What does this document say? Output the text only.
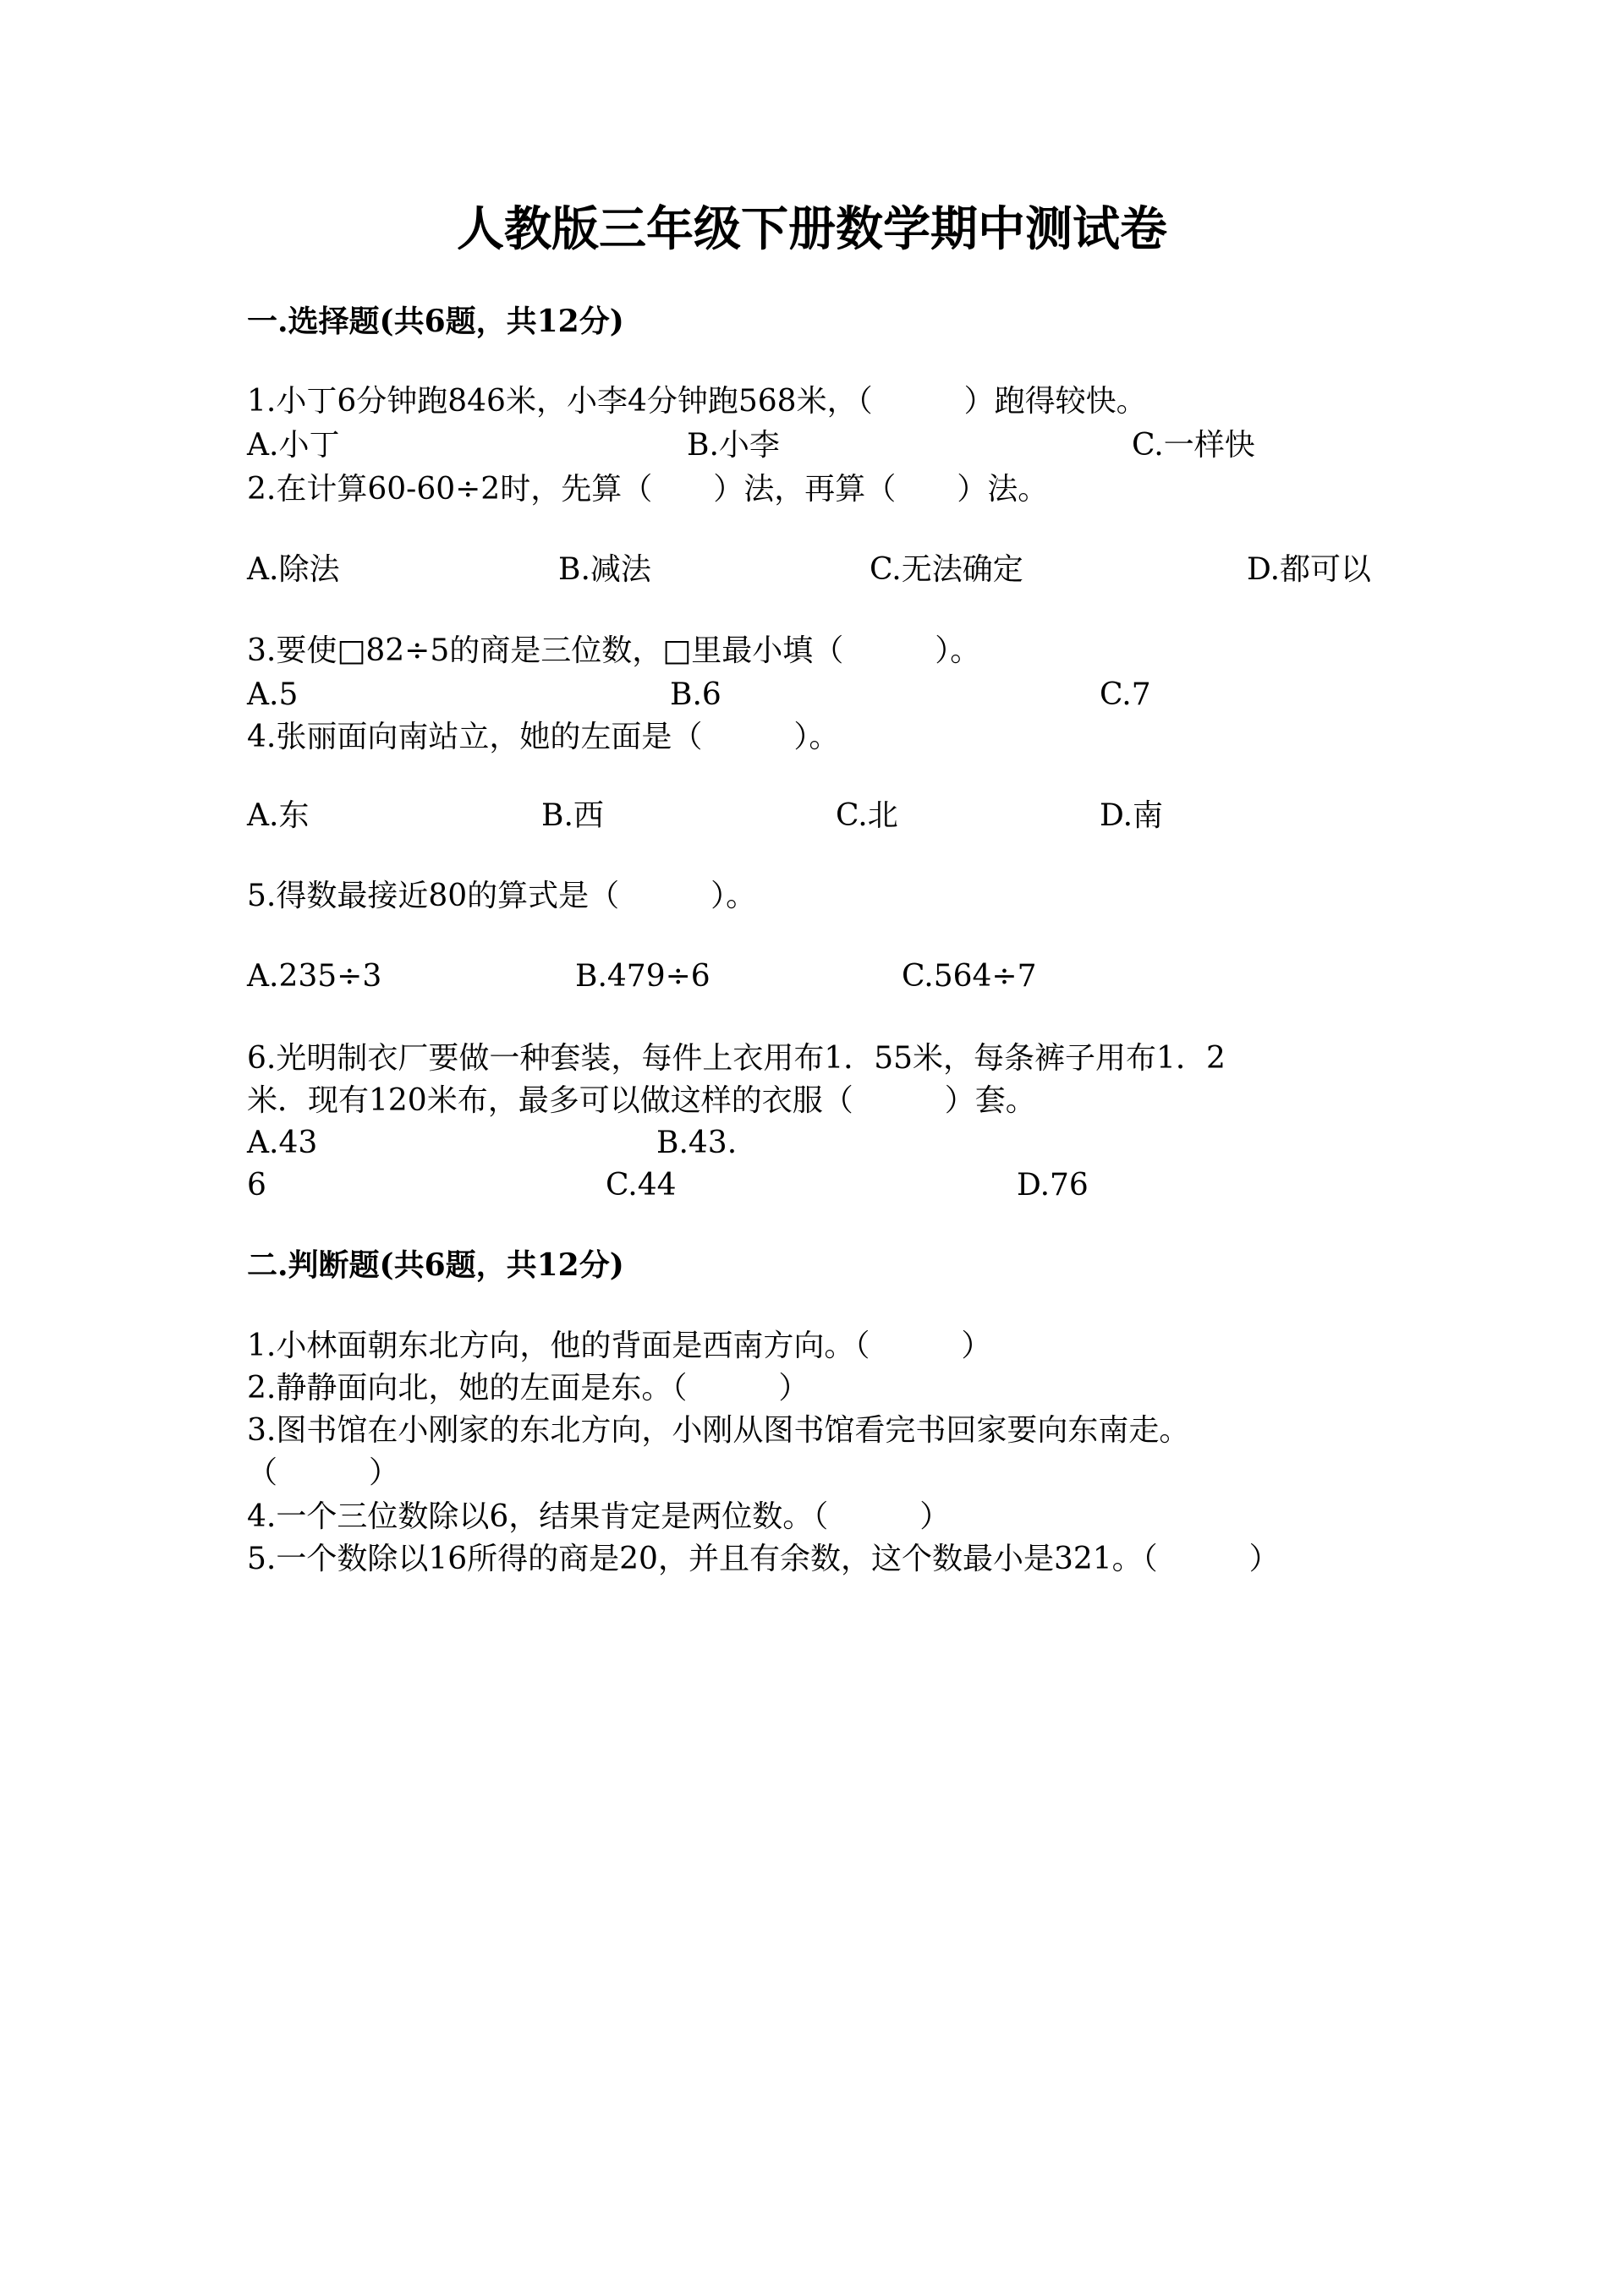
人教版三年级下册数学期中测试卷
一.选择题(共6题，共12分)
1.小丁6分钟跑846米，小李4分钟跑568米，（　　　）跑得较快。
A.小丁	B.小李	C.一样快
2.在计算60-60÷2时，先算（　　）法，再算（　　）法。
A.除法	B.减法	C.无法确定	D.都可以
3.要使□82÷5的商是三位数，□里最小填（　　　）。
A.5	B.6	C.7
4.张丽面向南站立，她的左面是（　　　）。
A.东	B.西	C.北	D.南
5.得数最接近80的算式是（　　　）。
A.235÷3	B.479÷6	C.564÷7
6.光明制衣厂要做一种套装，每件上衣用布1．55米，每条裤子用布1．2
米．现有120米布，最多可以做这样的衣服（　　　）套。
A.43	B.43.
6	C.44	D.76
二.判断题(共6题，共12分)
1.小林面朝东北方向，他的背面是西南方向。（　　　）
2.静静面向北，她的左面是东。（　　　）
3.图书馆在小刚家的东北方向，小刚从图书馆看完书回家要向东南走。
（　　　）
4.一个三位数除以6，结果肯定是两位数。（　　　）
5.一个数除以16所得的商是20，并且有余数，这个数最小是321。（　　　）
